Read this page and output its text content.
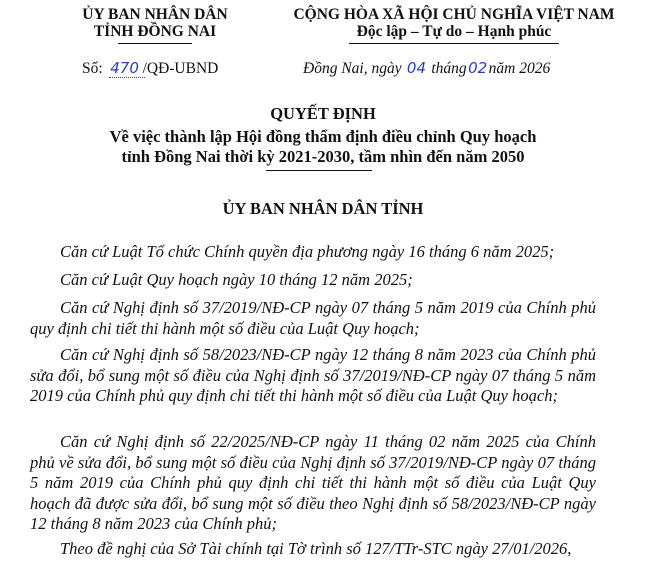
ỦY BAN NHÂN DÂN
TỈNH ĐỒNG NAI
CỘNG HÒA XÃ HỘI CHỦ NGHĨA VIỆT NAM
Độc lập – Tự do – Hạnh phúc
Số: 470 /QĐ-UBND	Đồng Nai, ngày 04 tháng02năm 2026
QUYẾT ĐỊNH
Về việc thành lập Hội đồng thẩm định điều chỉnh Quy hoạch
tỉnh Đồng Nai thời kỳ 2021-2030, tầm nhìn đến năm 2050
ỦY BAN NHÂN DÂN TỈNH
Căn cứ Luật Tổ chức Chính quyền địa phương ngày 16 tháng 6 năm 2025;
Căn cứ Luật Quy hoạch ngày 10 tháng 12 năm 2025;
Căn cứ Nghị định số 37/2019/NĐ-CP ngày 07 tháng 5 năm 2019 của Chính phủ quy định chi tiết thi hành một số điều của Luật Quy hoạch;
Căn cứ Nghị định số 58/2023/NĐ-CP ngày 12 tháng 8 năm 2023 của Chính phủ sửa đổi, bổ sung một số điều của Nghị định số 37/2019/NĐ-CP ngày 07 tháng 5 năm 2019 của Chính phủ quy định chi tiết thi hành một số điều của Luật Quy hoạch;
Căn cứ Nghị định số 22/2025/NĐ-CP ngày 11 tháng 02 năm 2025 của Chính phủ về sửa đổi, bổ sung một số điều của Nghị định số 37/2019/NĐ-CP ngày 07 tháng 5 năm 2019 của Chính phủ quy định chi tiết thi hành một số điều của Luật Quy hoạch đã được sửa đổi, bổ sung một số điều theo Nghị định số 58/2023/NĐ-CP ngày 12 tháng 8 năm 2023 của Chính phủ;
Theo đề nghị của Sở Tài chính tại Tờ trình số 127/TTr-STC ngày 27/01/2026,
